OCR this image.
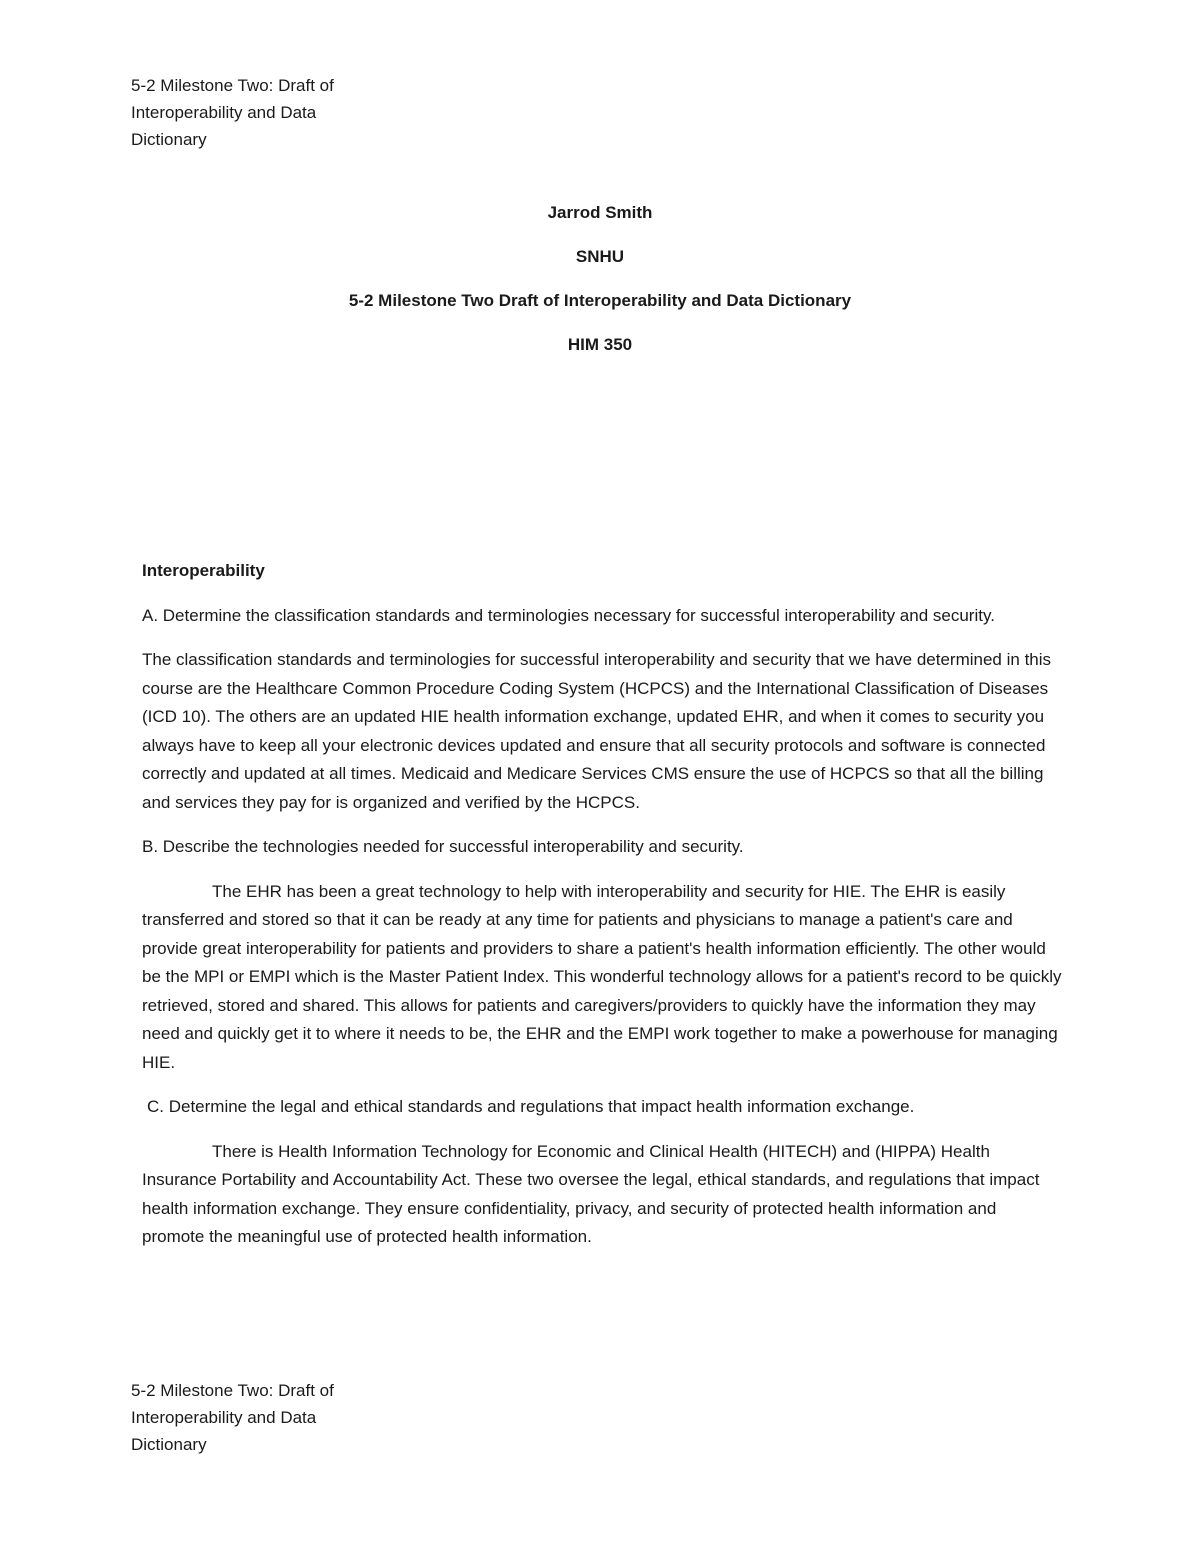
5-2 Milestone Two: Draft of
Interoperability and Data
Dictionary
Jarrod Smith
SNHU
5-2 Milestone Two Draft of Interoperability and Data Dictionary
HIM 350

Interoperability

A. Determine the classification standards and terminologies necessary for successful interoperability and security.

The classification standards and terminologies for successful interoperability and security that we have determined in this course are the Healthcare Common Procedure Coding System (HCPCS) and the International Classification of Diseases (ICD 10). The others are an updated HIE health information exchange, updated EHR, and when it comes to security you always have to keep all your electronic devices updated and ensure that all security protocols and software is connected correctly and updated at all times. Medicaid and Medicare Services CMS ensure the use of HCPCS so that all the billing and services they pay for is organized and verified by the HCPCS.

B. Describe the technologies needed for successful interoperability and security.

The EHR has been a great technology to help with interoperability and security for HIE. The EHR is easily transferred and stored so that it can be ready at any time for patients and physicians to manage a patient's care and provide great interoperability for patients and providers to share a patient's health information efficiently. The other would be the MPI or EMPI which is the Master Patient Index. This wonderful technology allows for a patient's record to be quickly retrieved, stored and shared. This allows for patients and caregivers/providers to quickly have the information they may need and quickly get it to where it needs to be, the EHR and the EMPI work together to make a powerhouse for managing HIE.

C. Determine the legal and ethical standards and regulations that impact health information exchange.

There is Health Information Technology for Economic and Clinical Health (HITECH) and (HIPPA) Health Insurance Portability and Accountability Act. These two oversee the legal, ethical standards, and regulations that impact health information exchange. They ensure confidentiality, privacy, and security of protected health information and promote the meaningful use of protected health information.

5-2 Milestone Two: Draft of
Interoperability and Data
Dictionary
